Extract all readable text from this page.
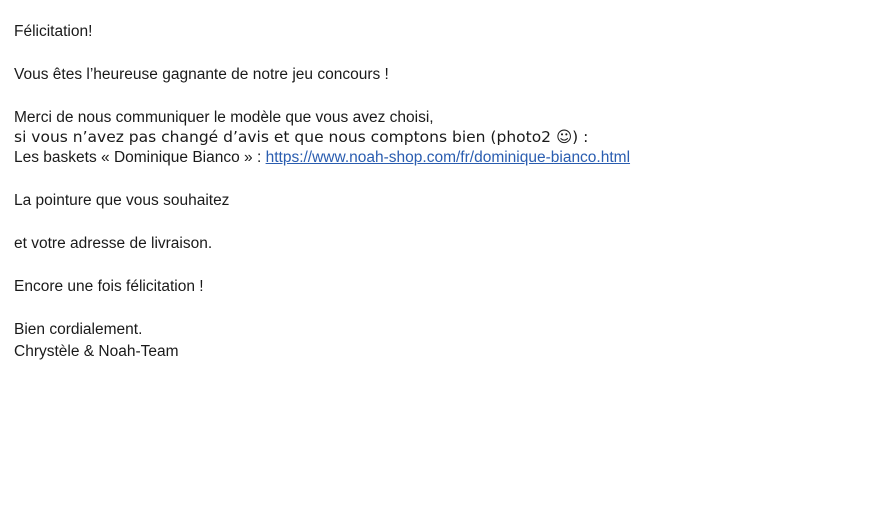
Félicitation!
Vous êtes l’heureuse gagnante de notre jeu concours !
Merci de nous communiquer le modèle que vous avez choisi,
si vous n’avez pas changé d’avis et que nous comptons bien (photo2 ☺) :
Les baskets « Dominique Bianco » : https://www.noah-shop.com/fr/dominique-bianco.html
La pointure que vous souhaitez
et votre adresse de livraison.
Encore une fois félicitation !
Bien cordialement.
Chrystèle & Noah-Team
